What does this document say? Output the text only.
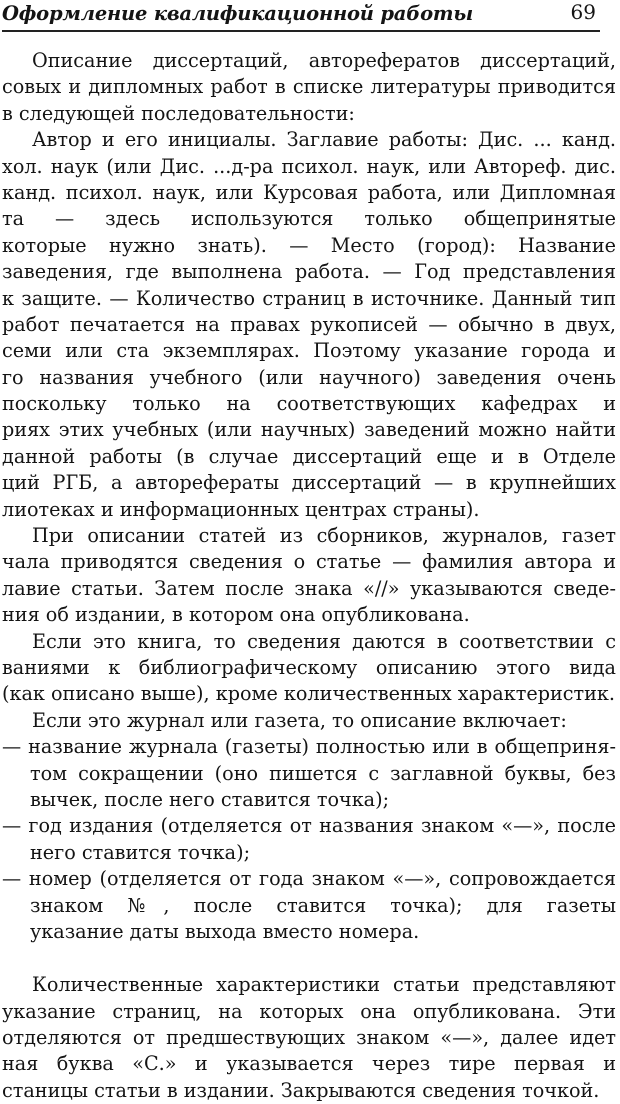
Оформление квалификационной работы	69

Описание диссертаций, авторефератов диссертаций,
совых и дипломных работ в списке литературы приводится
в следующей последовательности:

Автор и его инициалы. Заглавие работы: Дис. ... канд.
хол. наук (или Дис. ...д-ра психол. наук, или Автореф. дис.
канд. психол. наук, или Курсовая работа, или Дипломная
та — здесь используются только общепринятые
которые нужно знать). — Место (город): Название
заведения, где выполнена работа. — Год представления
к защите. — Количество страниц в источнике. Данный тип
работ печатается на правах рукописей — обычно в двух,
семи или ста экземплярах. Поэтому указание города и
го названия учебного (или научного) заведения очень
поскольку только на соответствующих кафедрах и
риях этих учебных (или научных) заведений можно найти
данной работы (в случае диссертаций еще и в Отделе
ций РГБ, а авторефераты диссертаций — в крупнейших
лиотеках и информационных центрах страны).

При описании статей из сборников, журналов, газет
чала приводятся сведения о статье — фамилия автора и
лавие статьи. Затем после знака «//» указываются сведе-
ния об издании, в котором она опубликована.

Если это книга, то сведения даются в соответствии с
ваниями к библиографическому описанию этого вида
(как описано выше), кроме количественных характеристик.

Если это журнал или газета, то описание включает:

— название журнала (газеты) полностью или в общеприня-
том сокращении (оно пишется с заглавной буквы, без
вычек, после него ставится точка);

— год издания (отделяется от названия знаком «—», после
него ставится точка);

— номер (отделяется от года знаком «—», сопровождается
знаком №, после ставится точка); для газеты
указание даты выхода вместо номера.

Количественные характеристики статьи представляют
указание страниц, на которых она опубликована. Эти
отделяются от предшествующих знаком «—», далее идет
ная буква «С.» и указывается через тире первая и
станицы статьи в издании. Закрываются сведения точкой.
